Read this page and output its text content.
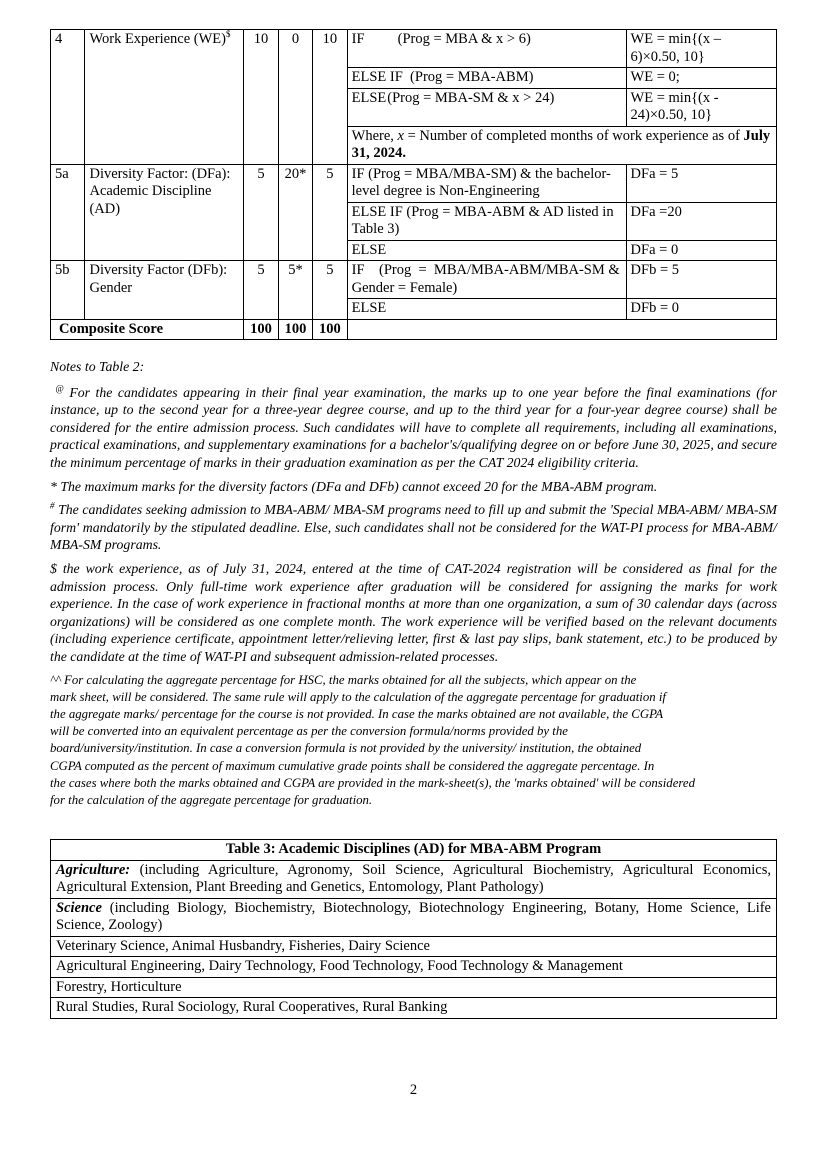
4	Work Experience (WE)$	10	0	10	IF (Prog = MBA & x > 6)	WE = min{(x – 6)×0.50, 10}
					ELSE IF (Prog = MBA-ABM)	WE = 0;
					ELSE (Prog = MBA-SM & x > 24)	WE = min{(x - 24)×0.50, 10}
					Where, x = Number of completed months of work experience as of July 31, 2024.	
5a	Diversity Factor: (DFa): Academic Discipline (AD)	5	20*	5	IF (Prog = MBA/MBA-SM) & the bachelor-level degree is Non-Engineering	DFa = 5
					ELSE IF (Prog = MBA-ABM & AD listed in Table 3)	DFa =20
					ELSE	DFa = 0
5b	Diversity Factor (DFb): Gender	5	5*	5	IF    (Prog  =  MBA/MBA-ABM/MBA-SM & Gender = Female)	DFb = 5
					ELSE	DFb = 0
Composite Score		100	100	100		

Notes to Table 2:

@ For the candidates appearing in their final year examination, the marks up to one year before the final examinations (for instance, up to the second year for a three-year degree course, and up to the third year for a four-year degree course) shall be considered for the entire admission process. Such candidates will have to complete all requirements, including all examinations, practical examinations, and supplementary examinations for a bachelor's/qualifying degree on or before June 30, 2025, and secure the minimum percentage of marks in their graduation examination as per the CAT 2024 eligibility criteria.

* The maximum marks for the diversity factors (DFa and DFb) cannot exceed 20 for the MBA-ABM program.

# The candidates seeking admission to MBA-ABM/ MBA-SM programs need to fill up and submit the 'Special MBA-ABM/ MBA-SM form' mandatorily by the stipulated deadline. Else, such candidates shall not be considered for the WAT-PI process for MBA-ABM/ MBA-SM programs.

$ the work experience, as of July 31, 2024, entered at the time of CAT-2024 registration will be considered as final for the admission process. Only full-time work experience after graduation will be considered for assigning the marks for work experience. In the case of work experience in fractional months at more than one organization, a sum of 30 calendar days (across organizations) will be considered as one complete month. The work experience will be verified based on the relevant documents (including experience certificate, appointment letter/relieving letter, first & last pay slips, bank statement, etc.) to be produced by the candidate at the time of WAT-PI and subsequent admission-related processes.

^^ For calculating the aggregate percentage for HSC, the marks obtained for all the subjects, which appear on the
mark sheet, will be considered. The same rule will apply to the calculation of the aggregate percentage for graduation if
the aggregate marks/ percentage for the course is not provided. In case the marks obtained are not available, the CGPA
will be converted into an equivalent percentage as per the conversion formula/norms provided by the
board/university/institution. In case a conversion formula is not provided by the university/ institution, the obtained
CGPA computed as the percent of maximum cumulative grade points shall be considered the aggregate percentage. In
the cases where both the marks obtained and CGPA are provided in the mark-sheet(s), the 'marks obtained' will be considered
for the calculation of the aggregate percentage for graduation.

Table 3: Academic Disciplines (AD) for MBA-ABM Program
Agriculture: (including Agriculture, Agronomy, Soil Science, Agricultural Biochemistry, Agricultural Economics, Agricultural Extension, Plant Breeding and Genetics, Entomology, Plant Pathology)
Science (including Biology, Biochemistry, Biotechnology, Biotechnology Engineering, Botany, Home Science, Life Science, Zoology)
Veterinary Science, Animal Husbandry, Fisheries, Dairy Science
Agricultural Engineering, Dairy Technology, Food Technology, Food Technology & Management
Forestry, Horticulture
Rural Studies, Rural Sociology, Rural Cooperatives, Rural Banking
2
